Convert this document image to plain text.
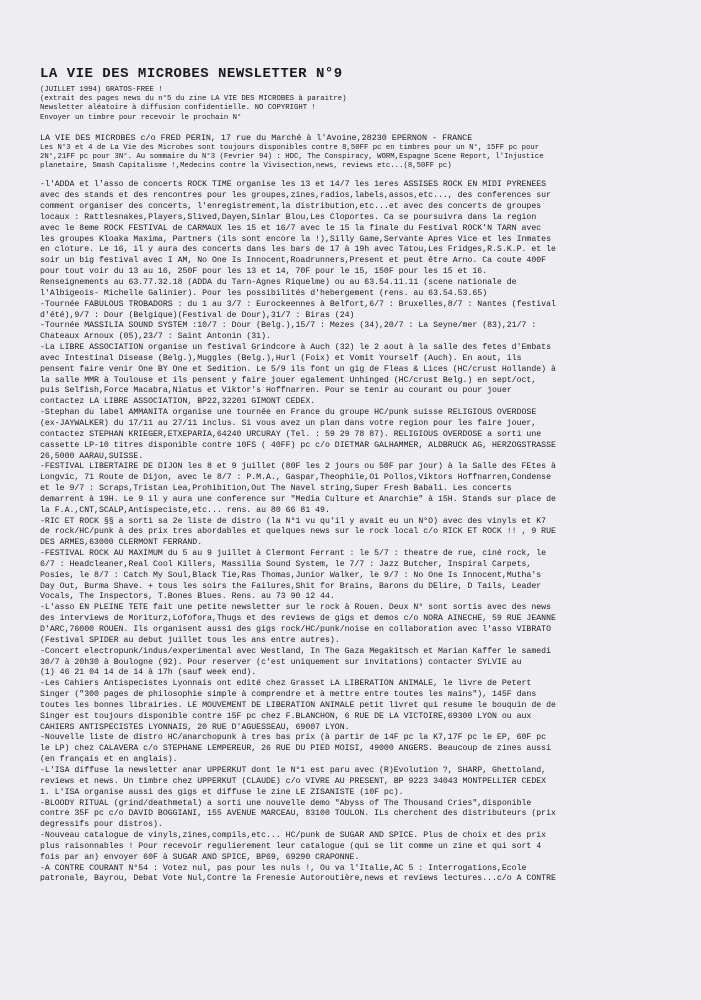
LA VIE DES MICROBES NEWSLETTER N°9
(JUILLET 1994) GRATOS-FREE !
(extrait des pages news du n°5 du zine LA VIE DES MICROBES à paraitre)
Newsletter aléatoire à diffusion confidentielle. NO COPYRIGHT !
Envoyer un timbre pour recevoir le prochain N°
LA VIE DES MICROBES c/o FRED PERIN, 17 rue du Marché à l'Avoine,28230 EPERNON - FRANCE
Les N°3 et 4 de La Vie des Microbes sont toujours disponibles contre 8,50FF pc en timbres pour un N°, 15FF pc pour
2N°,21FF pc pour 3N°. Au sommaire du N°3 (Fevrier 94) : HDC, The Conspiracy, WORM,Espagne Scene Report, l'Injustice
planetaire, Smash Capitalisme !,Medecins contre la Vivisection,news, reviews etc...(8,50FF pc)

-l'ADDA et l'asso de concerts ROCK TIME organise les 13 et 14/7 les 1eres ASSISES ROCK EN MIDI PYRENEES

avec des stands et des rencontres pour les groupes,zines,radios,labels,assos,etc..., des conferences sur

comment organiser des concerts, l'enregistrement,la distribution,etc...et avec des concerts de groupes

locaux : Rattlesnakes,Players,Slived,Dayen,Sinlar Blou,Les Cloportes. Ca se poursuivra dans la region

avec le 8eme ROCK FESTIVAL de CARMAUX les 15 et 16/7 avec le 15 la finale du Festival ROCK'N TARN avec

les groupes Kloaka Maxima, Partners (ils sont encore la !),Silly Game,Servante Apres Vice et les Inmates

en cloture. Le 16, il y aura des concerts dans les bars de 17 à 19h avec Tatou,Les Fridges,R.S.K.P. et le

soir un big festival avec I AM, No One Is Innocent,Roadrunners,Present et peut être Arno. Ca coute 400F

pour tout voir du 13 au 16, 250F pour les 13 et 14, 70F pour le 15, 150F pour les 15 et 16.

Renseignements au 63.77.32.18 (ADDA du Tarn-Agnes Riquelme) ou au 63.54.11.11 (scene nationale de

l'Albigeois- Michelle Galinier). Pour les possibilités d'hebergement (rens. au 63.54.53.65)

-Tournée FABULOUS TROBADORS : du 1 au 3/7 : Eurockeennes à Belfort,6/7 : Bruxelles,8/7 : Nantes (festival

d'été),9/7 : Dour (Belgique)(Festival de Dour),31/7 : Biras (24)

-Tournée MASSILIA SOUND SYSTEM :10/7 : Dour (Belg.),15/7 : Mezes (34),20/7 : La Seyne/mer (83),21/7 :

Chateaux Arnoux (05),23/7 : Saint Antonin (31).

-La LIBRE ASSOCIATION organise un festival Grindcore à Auch (32) le 2 aout à la salle des fetes d'Embats

avec Intestinal Disease (Belg.),Muggles (Belg.),Hurl (Foix) et Vomit Yourself (Auch). En aout, ils

pensent faire venir One BY One et Sedition. Le 5/9 ils font un gig de Fleas & Lices (HC/crust Hollande) à

la salle MMR à Toulouse et ils pensent y faire jouer egalement Unhinged (HC/crust Belg.) en sept/oct,

puis Selfish,Force Macabra,Niatus et Viktor's Hoffnarren. Pour se tenir au courant ou pour jouer

contactez LA LIBRE ASSOCIATION, BP22,32201 GIMONT CEDEX.

-Stephan du label AMMANITA organise une tournée en France du groupe HC/punk suisse RELIGIOUS OVERDOSE

(ex-JAYWALKER) du 17/11 au 27/11 inclus. Si vous avez un plan dans votre region pour les faire jouer,

contactez STEPHAN KRIEGER,ETXEPARIA,64240 URCURAY (Tel. : 59 29 78 87). RELIGIOUS OVERDOSE a sorti une

cassette LP-10 titres disponible contre 10FS ( 40FF) pc c/o DIETMAR GALHAMMER, ALDBRUCK AG, HERZOGSTRASSE

26,5000 AARAU,SUISSE.

-FESTIVAL LIBERTAIRE DE DIJON les 8 et 9 juillet (80F les 2 jours ou 50F par jour) à la Salle des FEtes à

Longvic, 71 Route de Dijon, avec le 8/7 : P.M.A., Gaspar,Theophile,Oi Pollos,Viktors Hoffnarren,Condense

et le 9/7 : Scraps,Tristan Lea,Prohibition,Out The Navel string,Super Fresh Babali. Les concerts

demarrent à 19H. Le 9 il y aura une conference sur "Media Culture et Anarchie" à 15H. Stands sur place de

la F.A.,CNT,SCALP,Antispeciste,etc... rens. au 80 66 81 49.

-RIC ET ROCK §§ a sorti sa 2e liste de distro (la N°1 vu qu'il y avait eu un N°O) avec des vinyls et K7

de rock/HC/punk à des prix tres abordables et quelques news sur le rock local c/o RICK ET ROCK !! , 9 RUE

DES ARMES,63000 CLERMONT FERRAND.

-FESTIVAL ROCK AU MAXIMUM du 5 au 9 juillet à Clermont Ferrant : le 5/7 : theatre de rue, ciné rock, le

6/7 : Headcleaner,Real Cool Killers, Massilia Sound System, le 7/7 : Jazz Butcher, Inspiral Carpets,

Posies, le 8/7 : Catch My Soul,Black Tie,Ras Thomas,Junior Walker, le 9/7 : No One Is Innocent,Mutha's

Day Out, Burma Shave. + tous les soirs the Failures,Shit for Brains, Barons du DElire, D Tails, Leader

Vocals, The Inspectors, T.Bones Blues. Rens. au 73 90 12 44.

-L'asso EN PLEINE TETE fait une petite newsletter sur le rock à Rouen. Deux N° sont sortis avec des news

des interviews de Moriturz,Lofofora,Thugs et des reviews de gigs et demos c/o NORA AINECHE, 59 RUE JEANNE

D'ARC,76000 ROUEN. Ils organisent aussi des gigs rock/HC/punk/noise en collaboration avec l'asso VIBRATO

(Festival SPIDER au debut juillet tous les ans entre autres).

-Concert electropunk/indus/experimental avec Westland, In The Gaza Megakitsch et Marian Kaffer le samedi

30/7 à 20h30 à Boulogne (92). Pour reserver (c'est uniquement sur invitations) contacter SYLVIE au

(1) 46 21 04 14 de 14 à 17h (sauf week end).

-Les Cahiers Antispecistes Lyonnais ont edité chez Grasset LA LIBERATION ANIMALE, le livre de Petert

Singer ("300 pages de philosophie simple à comprendre et à mettre entre toutes les mains"), 145F dans

toutes les bonnes librairies. LE MOUVEMENT DE LIBERATION ANIMALE petit livret qui resume le bouquin de de

Singer est toujours disponible contre 15F pc chez F.BLANCHON, 6 RUE DE LA VICTOIRE,69300 LYON ou aux

CAHIERS ANTISPECISTES LYONNAIS, 20 RUE D'AGUESSEAU, 69007 LYON.

-Nouvelle liste de distro HC/anarchopunk à tres bas prix (à partir de 14F pc la K7,17F pc le EP, 60F pc

le LP) chez CALAVERA c/o STEPHANE LEMPEREUR, 26 RUE DU PIED MOISI, 49000 ANGERS. Beaucoup de zines aussi

(en français et en anglais).

-L'ISA diffuse la newsletter anar UPPERKUT dont le N°1 est paru avec (R)Evolution ?, SHARP, Ghettoland,

reviews et news. Un timbre chez UPPERKUT (CLAUDE) c/o VIVRE AU PRESENT, BP 9223 34043 MONTPELLIER CEDEX

1. L'ISA organise aussi des gigs et diffuse le zine LE ZISANISTE (10F pc).

-BLOODY RITUAL (grind/deathmetal) a sorti une nouvelle demo "Abyss of The Thousand Cries",disponible

contre 35F pc c/o DAVID BOGGIANI, 155 AVENUE MARCEAU, 83100 TOULON. ILs cherchent des distributeurs (prix

degressifs pour distros).

-Nouveau catalogue de vinyls,zines,compils,etc... HC/punk de SUGAR AND SPICE. Plus de choix et des prix

plus raisonnables ! Pour recevoir regulierement leur catalogue (qui se lit comme un zine et qui sort 4

fois par an) envoyer 60F à SUGAR AND SPICE, BP69, 69290 CRAPONNE.

-A CONTRE COURANT N°54 : Votez nul, pas pour les nuls !, Ou va l'Italie,AC 5 : Interrogations,Ecole

patronale, Bayrou, Debat Vote Nul,Contre la Frenesie Autoroutière,news et reviews lectures...c/o A CONTRE
